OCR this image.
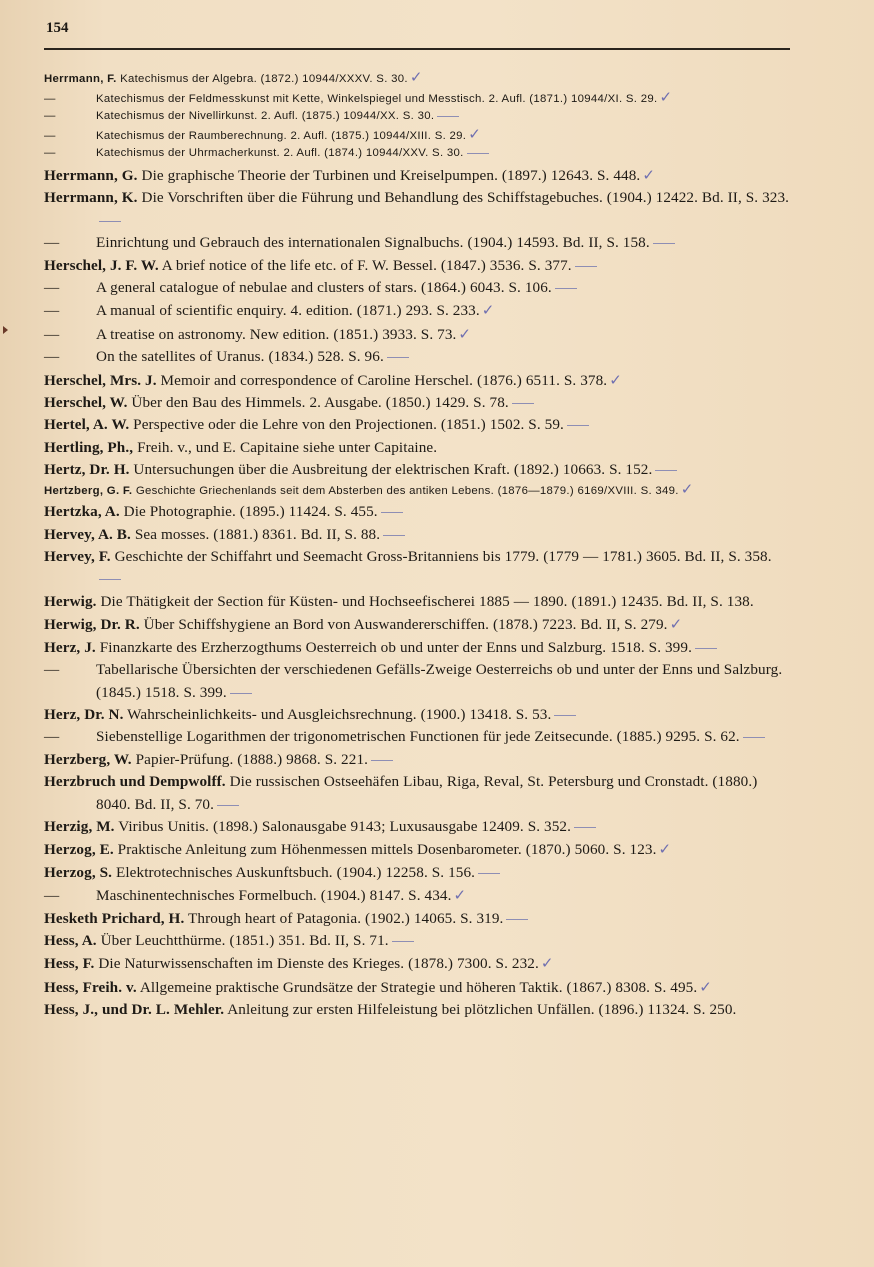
154
Herrmann, F. Katechismus der Algebra. (1872.) 10944/XXXV. S. 30. ✓
—	Katechismus der Feldmesskunst mit Kette, Winkelspiegel und Messtisch. 2. Aufl. (1871.) 10944/XI. S. 29. ✓
—	Katechismus der Nivellirkunst. 2. Aufl. (1875.) 10944/XX. S. 30.
—	Katechismus der Raumberechnung. 2. Aufl. (1875.) 10944/XIII. S. 29. ✓
—	Katechismus der Uhrmacherkunst. 2. Aufl. (1874.) 10944/XXV. S. 30.
Herrmann, G. Die graphische Theorie der Turbinen und Kreiselpumpen. (1897.) 12643. S. 448. ✓
Herrmann, K. Die Vorschriften über die Führung und Behandlung des Schiffstagebuches. (1904.) 12422. Bd. II, S. 323.
— Einrichtung und Gebrauch des internationalen Signalbuchs. (1904.) 14593. Bd. II, S. 158.
Herschel, J. F. W. A brief notice of the life etc. of F. W. Bessel. (1847.) 3536. S. 377.
— A general catalogue of nebulae and clusters of stars. (1864.) 6043. S. 106.
— A manual of scientific enquiry. 4. edition. (1871.) 293. S. 233. ✓
— A treatise on astronomy. New edition. (1851.) 3933. S. 73. ✓
— On the satellites of Uranus. (1834.) 528. S. 96.
Herschel, Mrs. J. Memoir and correspondence of Caroline Herschel. (1876.) 6511. S. 378. ✓
Herschel, W. Über den Bau des Himmels. 2. Ausgabe. (1850.) 1429. S. 78.
Hertel, A. W. Perspective oder die Lehre von den Projectionen. (1851.) 1502. S. 59.
Hertling, Ph., Freih. v., und E. Capitaine siehe unter Capitaine.
Hertz, Dr. H. Untersuchungen über die Ausbreitung der elektrischen Kraft. (1892.) 10663. S. 152.
Hertzberg, G. F. Geschichte Griechenlands seit dem Absterben des antiken Lebens. (1876—1879.) 6169/XVIII. S. 349. ✓
Hertzka, A. Die Photographie. (1895.) 11424. S. 455.
Hervey, A. B. Sea mosses. (1881.) 8361. Bd. II, S. 88.
Hervey, F. Geschichte der Schiffahrt und Seemacht Gross-Britanniens bis 1779. (1779 — 1781.) 3605. Bd. II, S. 358.
Herwig. Die Thätigkeit der Section für Küsten- und Hochseefischerei 1885 — 1890. (1891.) 12435. Bd. II, S. 138.
Herwig, Dr. R. Über Schiffshygiene an Bord von Auswandererschiffen. (1878.) 7223. Bd. II, S. 279. ✓
Herz, J. Finanzkarte des Erzherzogthums Oesterreich ob und unter der Enns und Salzburg. 1518. S. 399.
— Tabellarische Übersichten der verschiedenen Gefälls-Zweige Oesterreichs ob und unter der Enns und Salzburg. (1845.) 1518. S. 399.
Herz, Dr. N. Wahrscheinlichkeits- und Ausgleichsrechnung. (1900.) 13418. S. 53.
— Siebenstellige Logarithmen der trigonometrischen Functionen für jede Zeitsecunde. (1885.) 9295. S. 62.
Herzberg, W. Papier-Prüfung. (1888.) 9868. S. 221.
Herzbruch und Dempwolff. Die russischen Ostseehäfen Libau, Riga, Reval, St. Petersburg und Cronstadt. (1880.) 8040. Bd. II, S. 70.
Herzig, M. Viribus Unitis. (1898.) Salonausgabe 9143; Luxusausgabe 12409. S. 352.
Herzog, E. Praktische Anleitung zum Höhenmessen mittels Dosenbarometer. (1870.) 5060. S. 123. ✓
Herzog, S. Elektrotechnisches Auskunftsbuch. (1904.) 12258. S. 156.
— Maschinentechnisches Formelbuch. (1904.) 8147. S. 434. ✓
Hesketh Prichard, H. Through heart of Patagonia. (1902.) 14065. S. 319.
Hess, A. Über Leuchtthürme. (1851.) 351. Bd. II, S. 71.
Hess, F. Die Naturwissenschaften im Dienste des Krieges. (1878.) 7300. S. 232. ✓
Hess, Freih. v. Allgemeine praktische Grundsätze der Strategie und höheren Taktik. (1867.) 8308. S. 495. ✓
Hess, J., und Dr. L. Mehler. Anleitung zur ersten Hilfeleistung bei plötzlichen Unfällen. (1896.) 11324. S. 250.
